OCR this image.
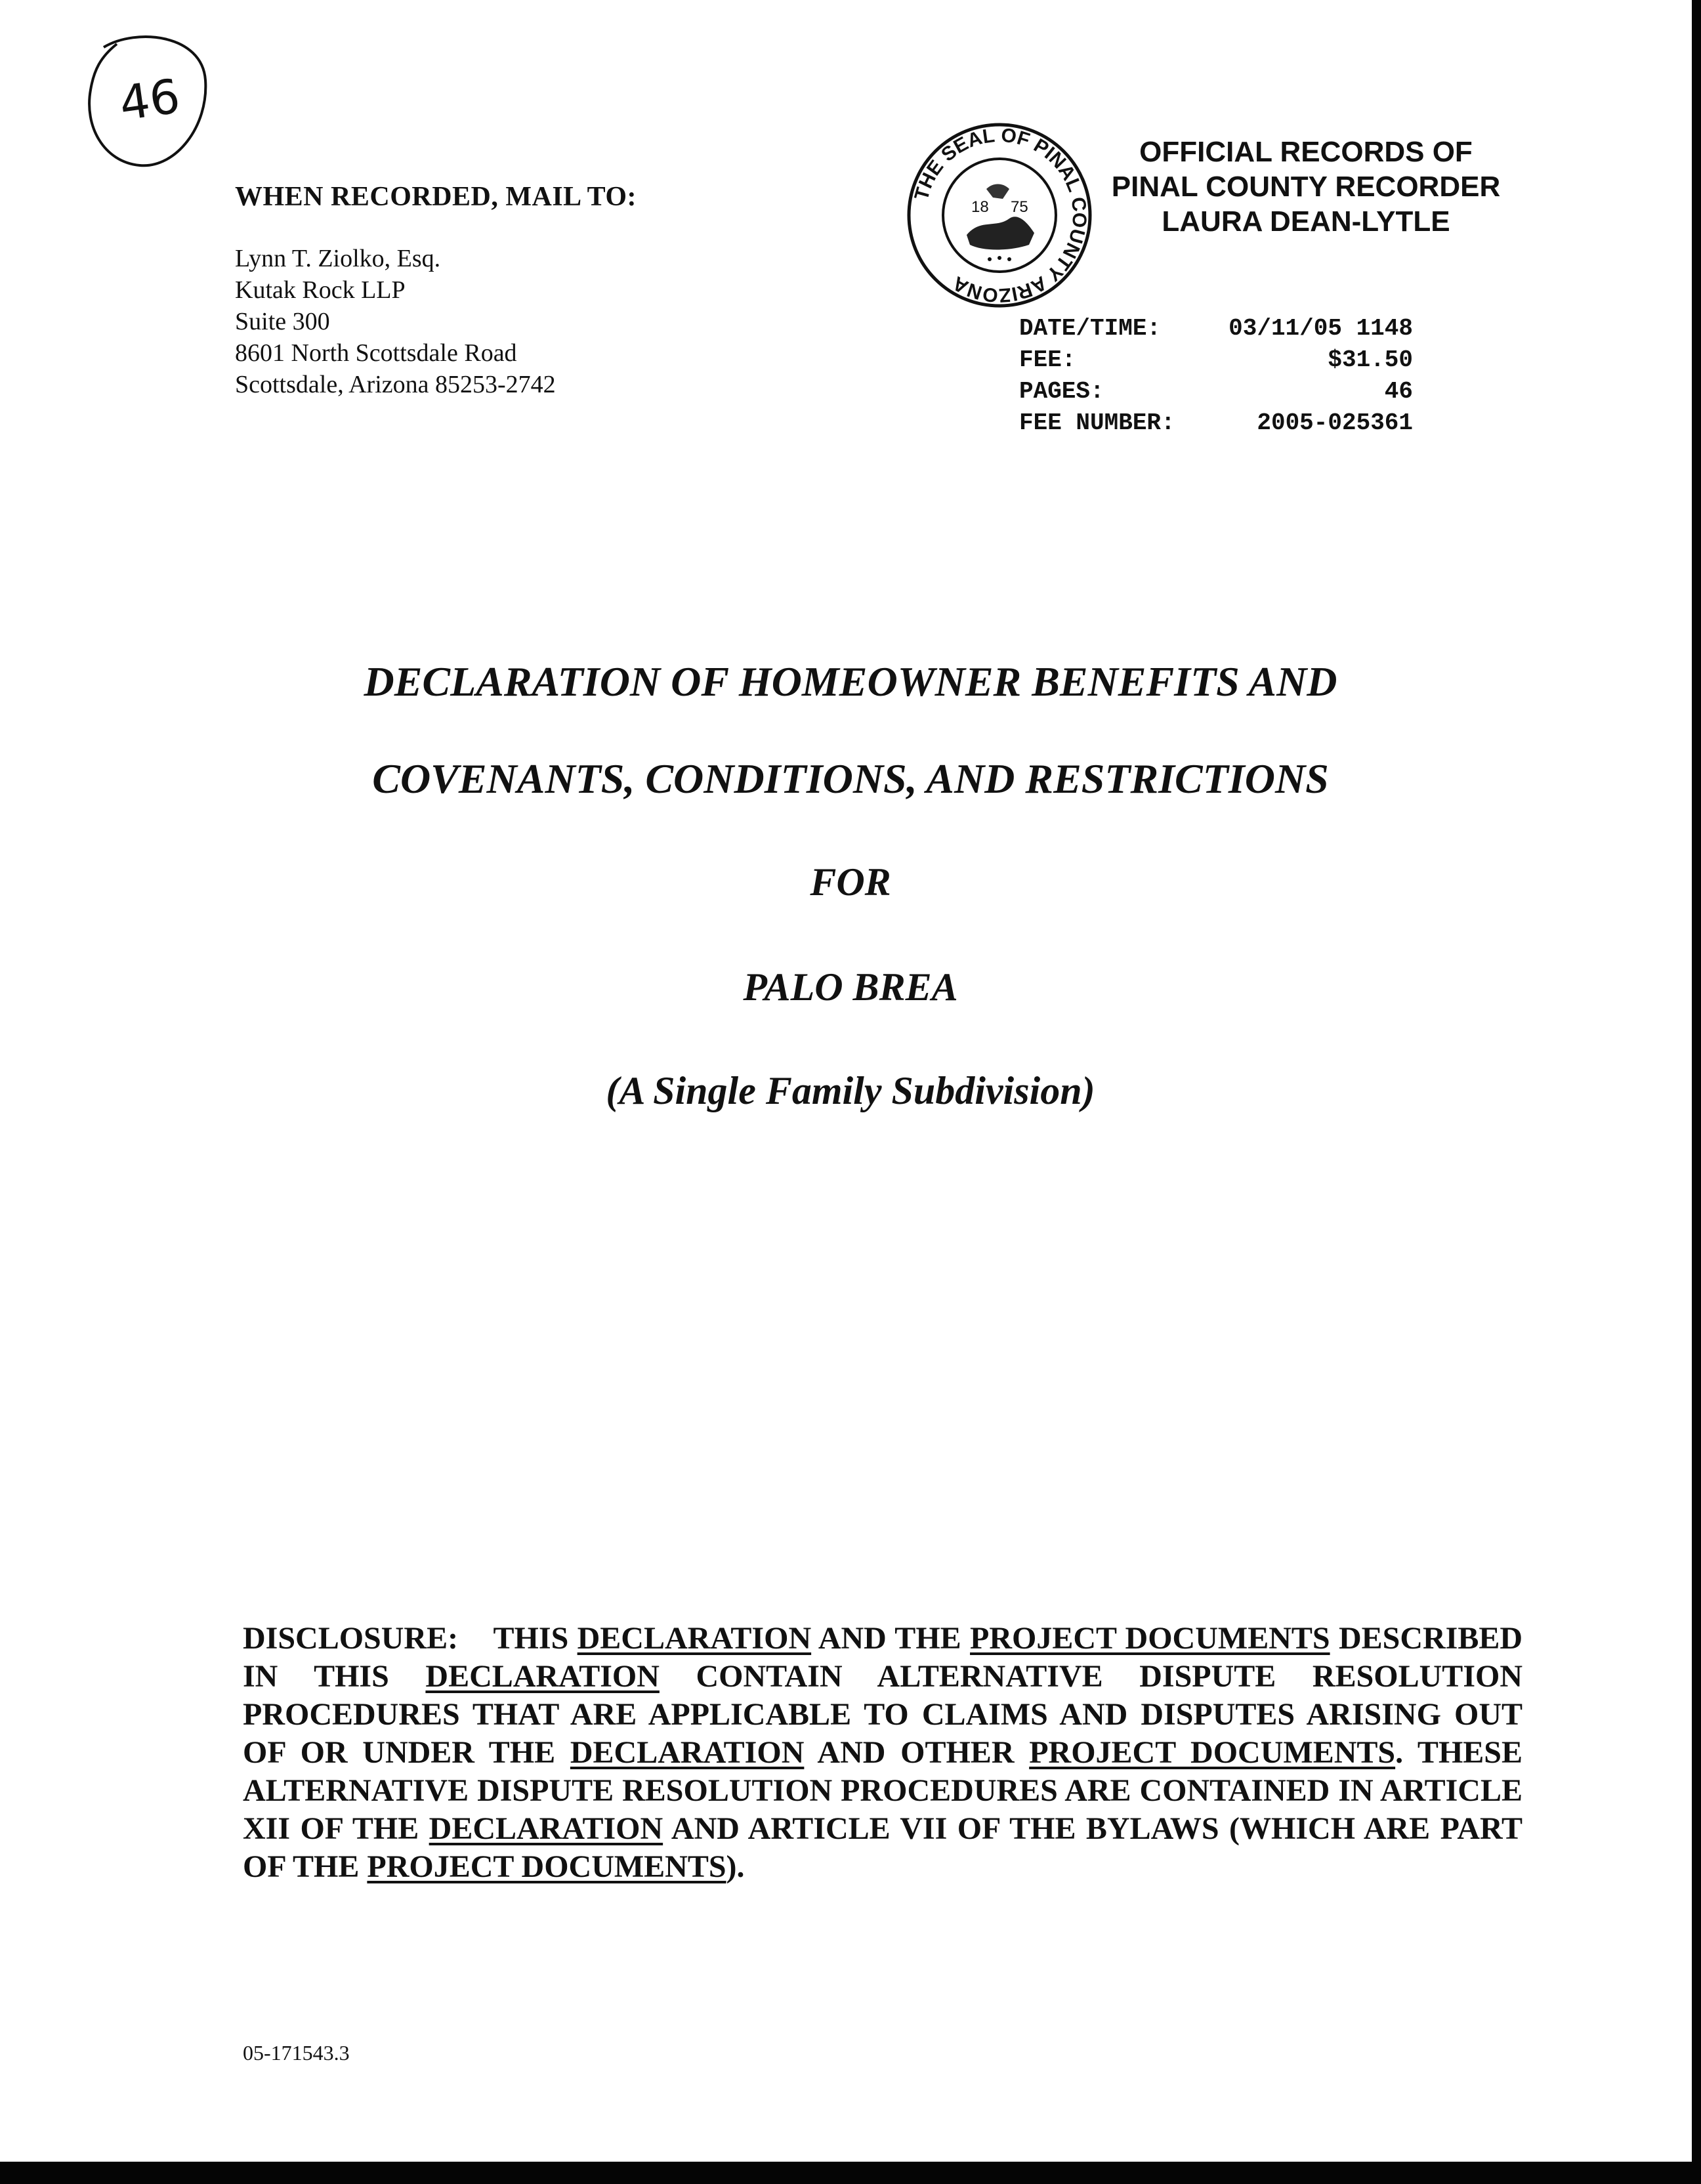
46
WHEN RECORDED, MAIL TO:
Lynn T. Ziolko, Esq.
Kutak Rock LLP
Suite 300
8601 North Scottsdale Road
Scottsdale, Arizona 85253-2742
THE SEAL OF PINAL COUNTY ARIZONA
18 75
OFFICIAL RECORDS OF
PINAL COUNTY RECORDER
LAURA DEAN-LYTLE
DATE/TIME:	03/11/05 1148
FEE:	$31.50
PAGES:	46
FEE NUMBER:	2005-025361
DECLARATION OF HOMEOWNER BENEFITS AND
COVENANTS, CONDITIONS, AND RESTRICTIONS
FOR
PALO BREA
(A Single Family Subdivision)
DISCLOSURE: THIS DECLARATION AND THE PROJECT DOCUMENTS DESCRIBED IN THIS DECLARATION CONTAIN ALTERNATIVE DISPUTE RESOLUTION PROCEDURES THAT ARE APPLICABLE TO CLAIMS AND DISPUTES ARISING OUT OF OR UNDER THE DECLARATION AND OTHER PROJECT DOCUMENTS. THESE ALTERNATIVE DISPUTE RESOLUTION PROCEDURES ARE CONTAINED IN ARTICLE XII OF THE DECLARATION AND ARTICLE VII OF THE BYLAWS (WHICH ARE PART OF THE PROJECT DOCUMENTS).
05-171543.3
